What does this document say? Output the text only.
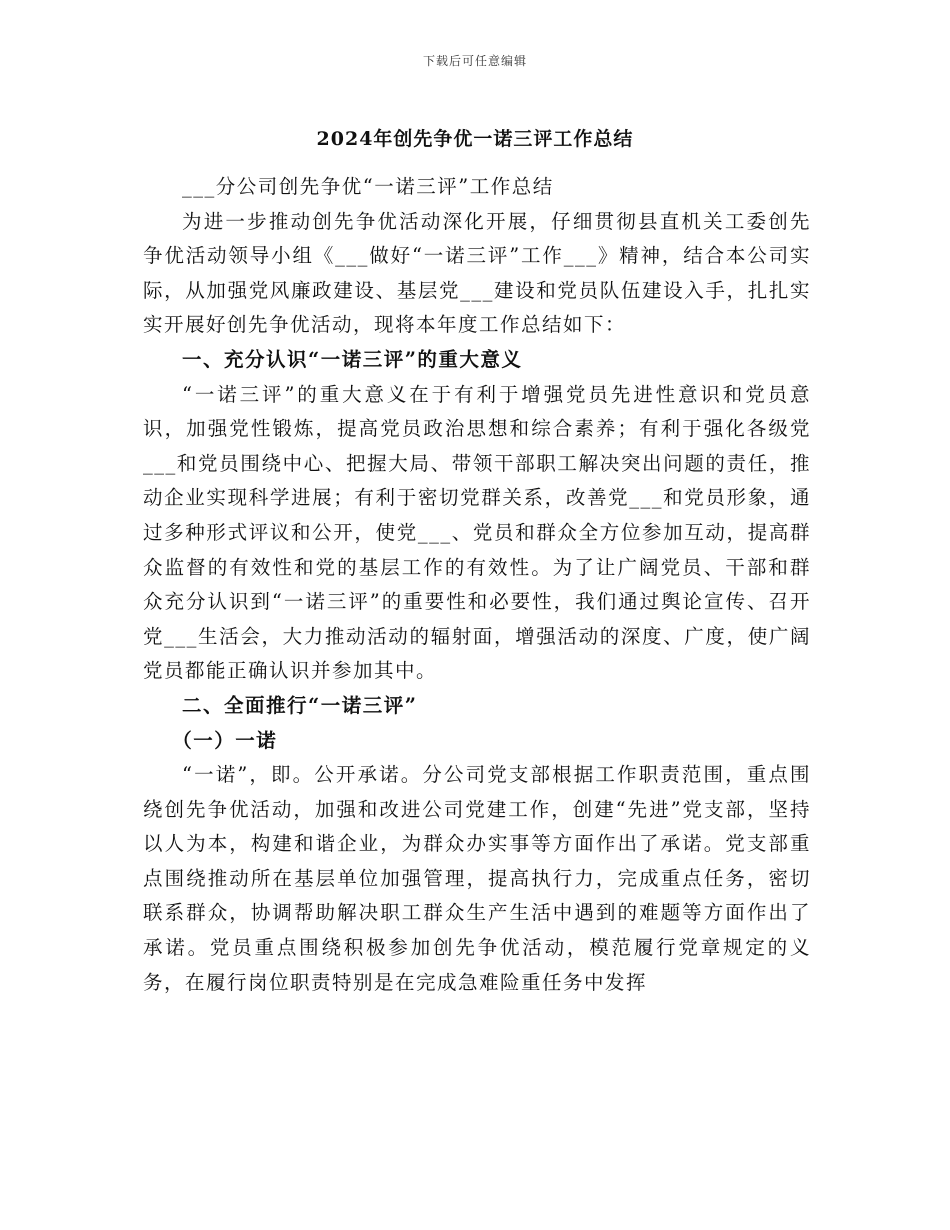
下载后可任意编辑
2024年创先争优一诺三评工作总结

___分公司创先争优“一诺三评”工作总结

为进一步推动创先争优活动深化开展，仔细贯彻县直机关工委创先争优活动领导小组《___做好“一诺三评”工作___》精神，结合本公司实际，从加强党风廉政建设、基层党___建设和党员队伍建设入手，扎扎实实开展好创先争优活动，现将本年度工作总结如下：

一、充分认识“一诺三评”的重大意义

“一诺三评”的重大意义在于有利于增强党员先进性意识和党员意识，加强党性锻炼，提高党员政治思想和综合素养；有利于强化各级党___和党员围绕中心、把握大局、带领干部职工解决突出问题的责任，推动企业实现科学进展；有利于密切党群关系，改善党___和党员形象，通过多种形式评议和公开，使党___、党员和群众全方位参加互动，提高群众监督的有效性和党的基层工作的有效性。为了让广阔党员、干部和群众充分认识到“一诺三评”的重要性和必要性，我们通过舆论宣传、召开党___生活会，大力推动活动的辐射面，增强活动的深度、广度，使广阔党员都能正确认识并参加其中。

二、全面推行“一诺三评”

（一）一诺

“一诺”，即。公开承诺。分公司党支部根据工作职责范围，重点围绕创先争优活动，加强和改进公司党建工作，创建“先进”党支部，坚持以人为本，构建和谐企业，为群众办实事等方面作出了承诺。党支部重点围绕推动所在基层单位加强管理，提高执行力，完成重点任务，密切联系群众，协调帮助解决职工群众生产生活中遇到的难题等方面作出了承诺。党员重点围绕积极参加创先争优活动，模范履行党章规定的义务，在履行岗位职责特别是在完成急难险重任务中发挥
